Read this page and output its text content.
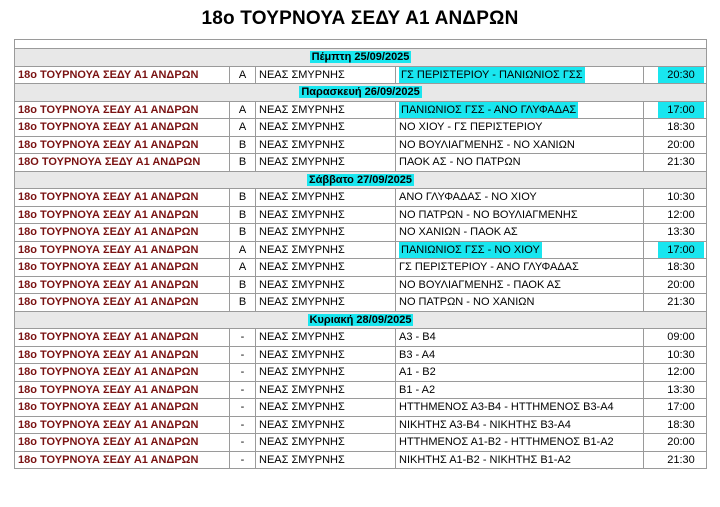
18ο ΤΟΥΡΝΟΥΑ ΣΕΔΥ Α1 ΑΝΔΡΩΝ

Πέμπτη 25/09/2025				
18ο ΤΟΥΡΝΟΥΑ ΣΕΔΥ Α1 ΑΝΔΡΩΝ	Α	ΝΕΑΣ ΣΜΥΡΝΗΣ	ΓΣ ΠΕΡΙΣΤΕΡΙΟΥ - ΠΑΝΙΩΝΙΟΣ ΓΣΣ	20:30
Παρασκευή 26/09/2025				
18ο ΤΟΥΡΝΟΥΑ ΣΕΔΥ Α1 ΑΝΔΡΩΝ	Α	ΝΕΑΣ ΣΜΥΡΝΗΣ	ΠΑΝΙΩΝΙΟΣ ΓΣΣ - ΑΝΟ ΓΛΥΦΑΔΑΣ	17:00
18ο ΤΟΥΡΝΟΥΑ ΣΕΔΥ Α1 ΑΝΔΡΩΝ	Α	ΝΕΑΣ ΣΜΥΡΝΗΣ	ΝΟ ΧΙΟΥ - ΓΣ ΠΕΡΙΣΤΕΡΙΟΥ	18:30
18ο ΤΟΥΡΝΟΥΑ ΣΕΔΥ Α1 ΑΝΔΡΩΝ	Β	ΝΕΑΣ ΣΜΥΡΝΗΣ	ΝΟ ΒΟΥΛΙΑΓΜΕΝΗΣ - ΝΟ ΧΑΝΙΩΝ	20:00
18Ο ΤΟΥΡΝΟΥΑ ΣΕΔΥ Α1 ΑΝΔΡΩΝ	Β	ΝΕΑΣ ΣΜΥΡΝΗΣ	ΠΑΟΚ ΑΣ - ΝΟ ΠΑΤΡΩΝ	21:30
Σάββατο 27/09/2025				
18ο ΤΟΥΡΝΟΥΑ ΣΕΔΥ Α1 ΑΝΔΡΩΝ	Β	ΝΕΑΣ ΣΜΥΡΝΗΣ	ΑΝΟ ΓΛΥΦΑΔΑΣ - ΝΟ ΧΙΟΥ	10:30
18ο ΤΟΥΡΝΟΥΑ ΣΕΔΥ Α1 ΑΝΔΡΩΝ	Β	ΝΕΑΣ ΣΜΥΡΝΗΣ	ΝΟ ΠΑΤΡΩΝ - ΝΟ ΒΟΥΛΙΑΓΜΕΝΗΣ	12:00
18ο ΤΟΥΡΝΟΥΑ ΣΕΔΥ Α1 ΑΝΔΡΩΝ	Β	ΝΕΑΣ ΣΜΥΡΝΗΣ	ΝΟ ΧΑΝΙΩΝ - ΠΑΟΚ ΑΣ	13:30
18ο ΤΟΥΡΝΟΥΑ ΣΕΔΥ Α1 ΑΝΔΡΩΝ	Α	ΝΕΑΣ ΣΜΥΡΝΗΣ	ΠΑΝΙΩΝΙΟΣ ΓΣΣ - ΝΟ ΧΙΟΥ	17:00
18ο ΤΟΥΡΝΟΥΑ ΣΕΔΥ Α1 ΑΝΔΡΩΝ	Α	ΝΕΑΣ ΣΜΥΡΝΗΣ	ΓΣ ΠΕΡΙΣΤΕΡΙΟΥ - ΑΝΟ ΓΛΥΦΑΔΑΣ	18:30
18ο ΤΟΥΡΝΟΥΑ ΣΕΔΥ Α1 ΑΝΔΡΩΝ	Β	ΝΕΑΣ ΣΜΥΡΝΗΣ	ΝΟ ΒΟΥΛΙΑΓΜΕΝΗΣ - ΠΑΟΚ ΑΣ	20:00
18ο ΤΟΥΡΝΟΥΑ ΣΕΔΥ Α1 ΑΝΔΡΩΝ	Β	ΝΕΑΣ ΣΜΥΡΝΗΣ	ΝΟ ΠΑΤΡΩΝ - ΝΟ ΧΑΝΙΩΝ	21:30
Κυριακή 28/09/2025				
18ο ΤΟΥΡΝΟΥΑ ΣΕΔΥ Α1 ΑΝΔΡΩΝ	-	ΝΕΑΣ ΣΜΥΡΝΗΣ	Α3 - Β4	09:00
18ο ΤΟΥΡΝΟΥΑ ΣΕΔΥ Α1 ΑΝΔΡΩΝ	-	ΝΕΑΣ ΣΜΥΡΝΗΣ	Β3 - Α4	10:30
18ο ΤΟΥΡΝΟΥΑ ΣΕΔΥ Α1 ΑΝΔΡΩΝ	-	ΝΕΑΣ ΣΜΥΡΝΗΣ	Α1 - Β2	12:00
18ο ΤΟΥΡΝΟΥΑ ΣΕΔΥ Α1 ΑΝΔΡΩΝ	-	ΝΕΑΣ ΣΜΥΡΝΗΣ	Β1 - Α2	13:30
18ο ΤΟΥΡΝΟΥΑ ΣΕΔΥ Α1 ΑΝΔΡΩΝ	-	ΝΕΑΣ ΣΜΥΡΝΗΣ	ΗΤΤΗΜΕΝΟΣ Α3-Β4 - ΗΤΤΗΜΕΝΟΣ Β3-Α4	17:00
18ο ΤΟΥΡΝΟΥΑ ΣΕΔΥ Α1 ΑΝΔΡΩΝ	-	ΝΕΑΣ ΣΜΥΡΝΗΣ	ΝΙΚΗΤΗΣ Α3-Β4 - ΝΙΚΗΤΗΣ Β3-Α4	18:30
18ο ΤΟΥΡΝΟΥΑ ΣΕΔΥ Α1 ΑΝΔΡΩΝ	-	ΝΕΑΣ ΣΜΥΡΝΗΣ	ΗΤΤΗΜΕΝΟΣ Α1-Β2 - ΗΤΤΗΜΕΝΟΣ Β1-Α2	20:00
18ο ΤΟΥΡΝΟΥΑ ΣΕΔΥ Α1 ΑΝΔΡΩΝ	-	ΝΕΑΣ ΣΜΥΡΝΗΣ	ΝΙΚΗΤΗΣ Α1-Β2 - ΝΙΚΗΤΗΣ Β1-Α2	21:30
